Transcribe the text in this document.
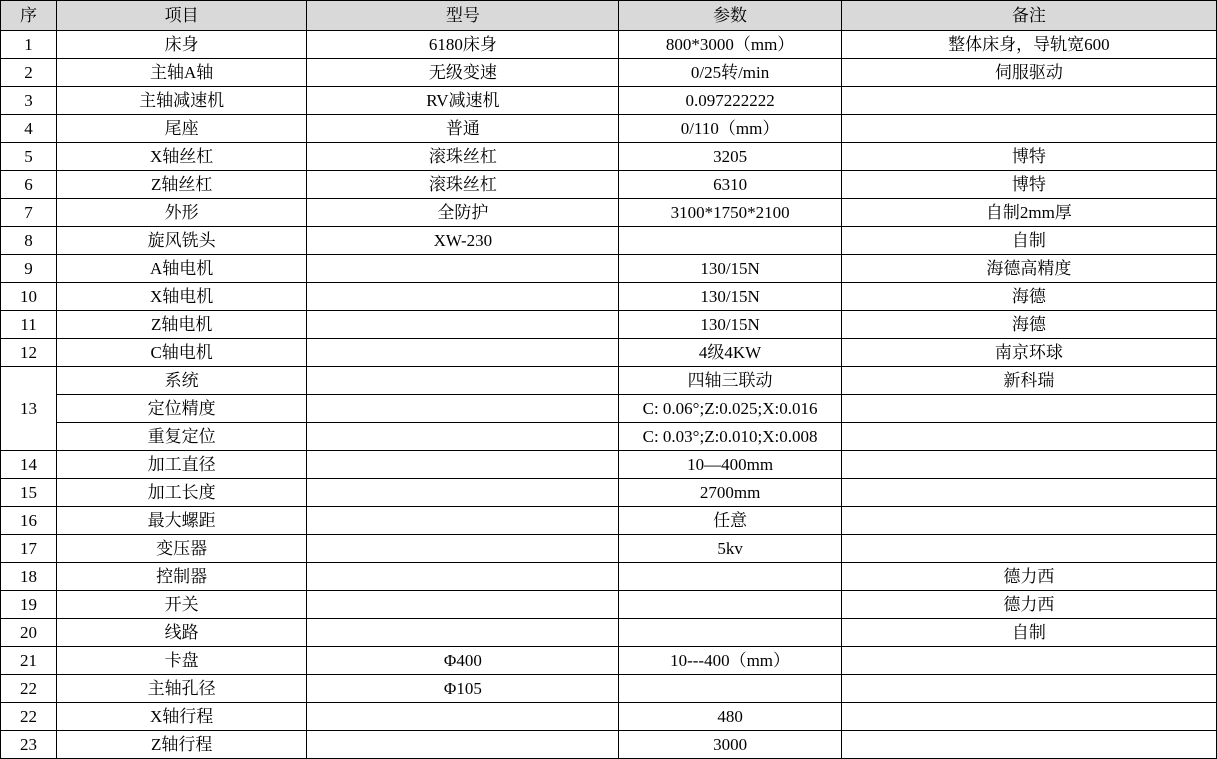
序	项目	型号	参数	备注
1	床身	6180床身	800*3000（mm）	整体床身，导轨宽600
2	主轴A轴	无级变速	0/25转/min	伺服驱动
3	主轴减速机	RV减速机	0.097222222	
4	尾座	普通	0/110（mm）	
5	X轴丝杠	滚珠丝杠	3205	博特
6	Z轴丝杠	滚珠丝杠	6310	博特
7	外形	全防护	3100*1750*2100	自制2mm厚
8	旋风铣头	XW-230		自制
9	A轴电机		130/15N	海德高精度
10	X轴电机		130/15N	海德
11	Z轴电机		130/15N	海德
12	C轴电机		4级4KW	南京环球
13	系统		四轴三联动	新科瑞
	定位精度		C: 0.06°;Z:0.025;X:0.016	
	重复定位		C: 0.03°;Z:0.010;X:0.008	
14	加工直径		10—400mm	
15	加工长度		2700mm	
16	最大螺距		任意	
17	变压器		5kv	
18	控制器			德力西
19	开关			德力西
20	线路			自制
21	卡盘	Φ400	10---400（mm）	
22	主轴孔径	Φ105		
22	X轴行程		480	
23	Z轴行程		3000	
